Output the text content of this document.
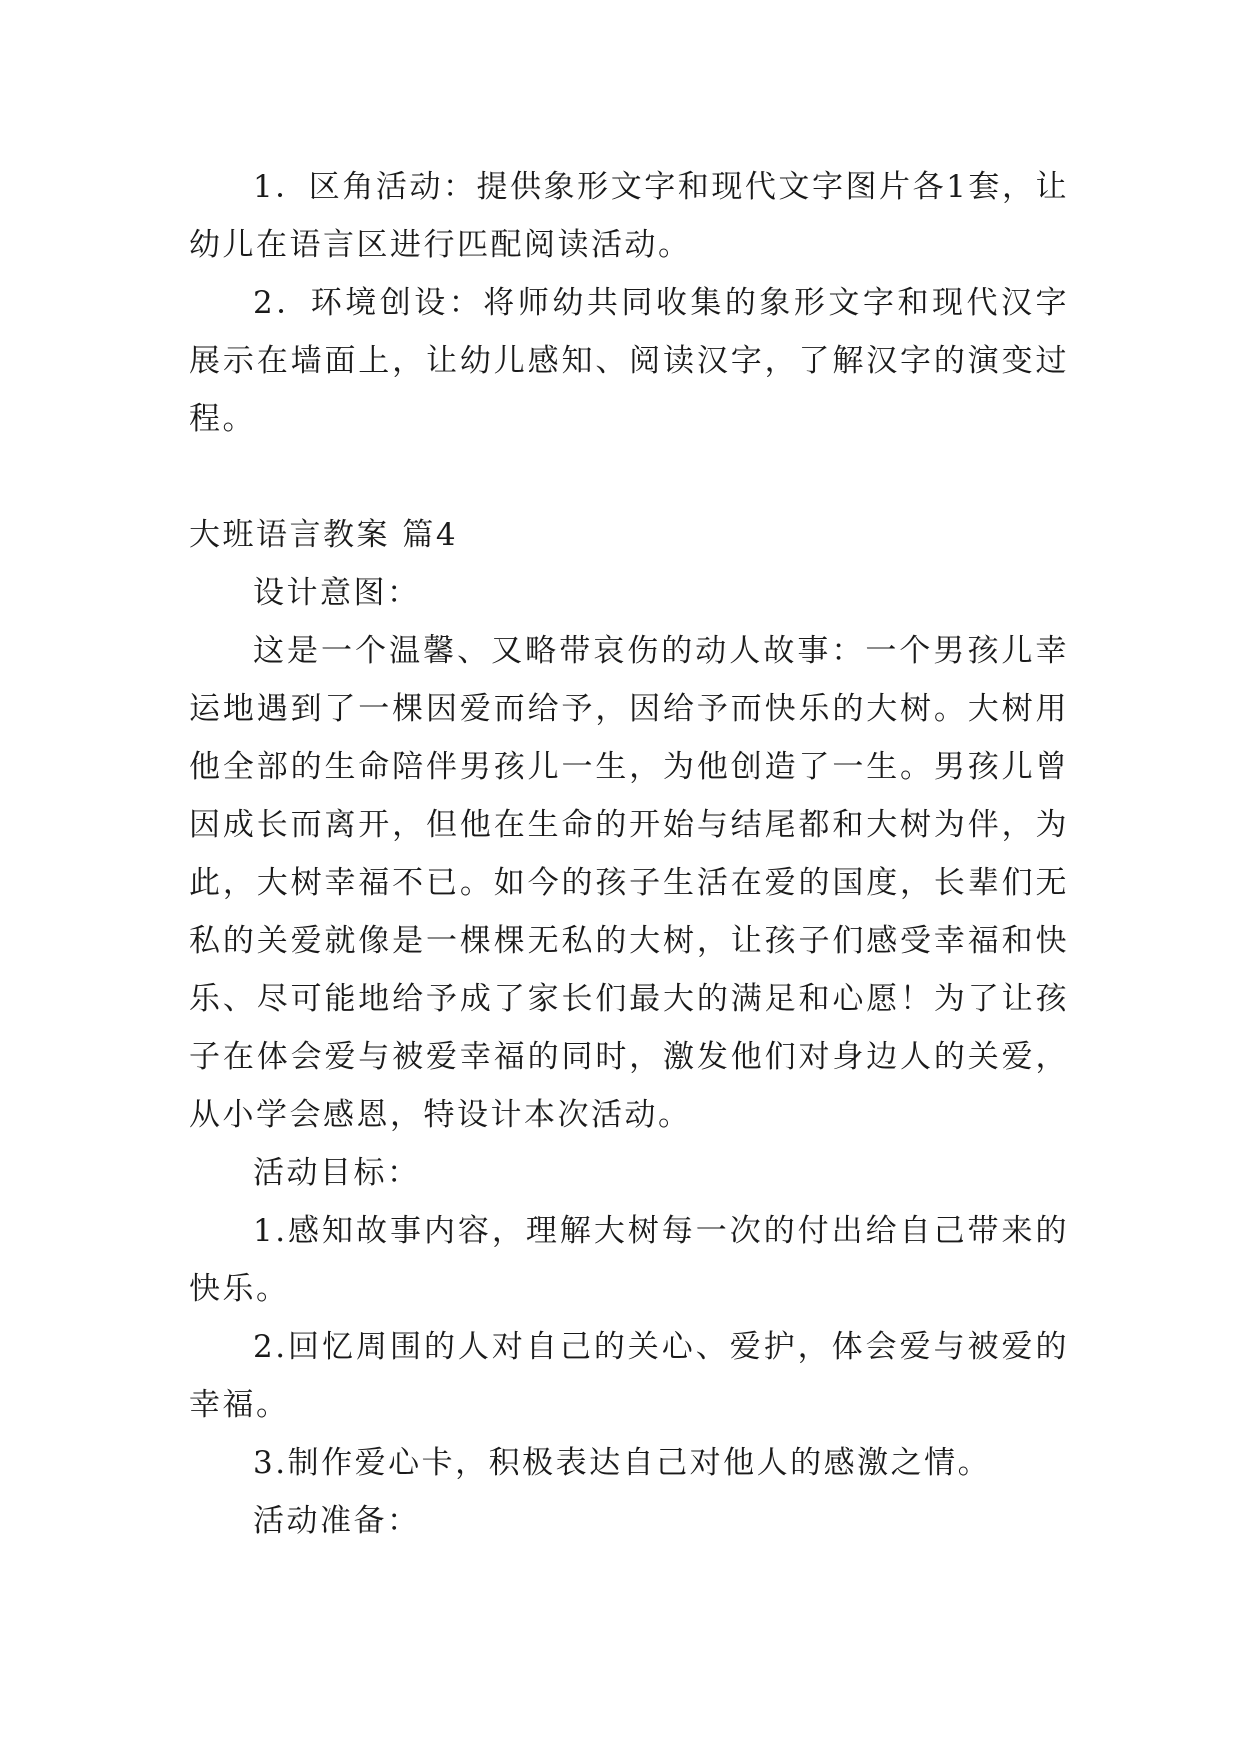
1．区角活动：提供象形文字和现代文字图片各1套，让幼儿在语言区进行匹配阅读活动。

2．环境创设：将师幼共同收集的象形文字和现代汉字展示在墙面上，让幼儿感知、阅读汉字，了解汉字的演变过程。

大班语言教案 篇4

设计意图：

这是一个温馨、又略带哀伤的动人故事：一个男孩儿幸运地遇到了一棵因爱而给予，因给予而快乐的大树。大树用他全部的生命陪伴男孩儿一生，为他创造了一生。男孩儿曾因成长而离开，但他在生命的开始与结尾都和大树为伴，为此，大树幸福不已。如今的孩子生活在爱的国度，长辈们无私的关爱就像是一棵棵无私的大树，让孩子们感受幸福和快乐、尽可能地给予成了家长们最大的满足和心愿！为了让孩子在体会爱与被爱幸福的同时，激发他们对身边人的关爱，从小学会感恩，特设计本次活动。

活动目标：

1.感知故事内容，理解大树每一次的付出给自己带来的快乐。

2.回忆周围的人对自己的关心、爱护，体会爱与被爱的幸福。

3.制作爱心卡，积极表达自己对他人的感激之情。

活动准备：
